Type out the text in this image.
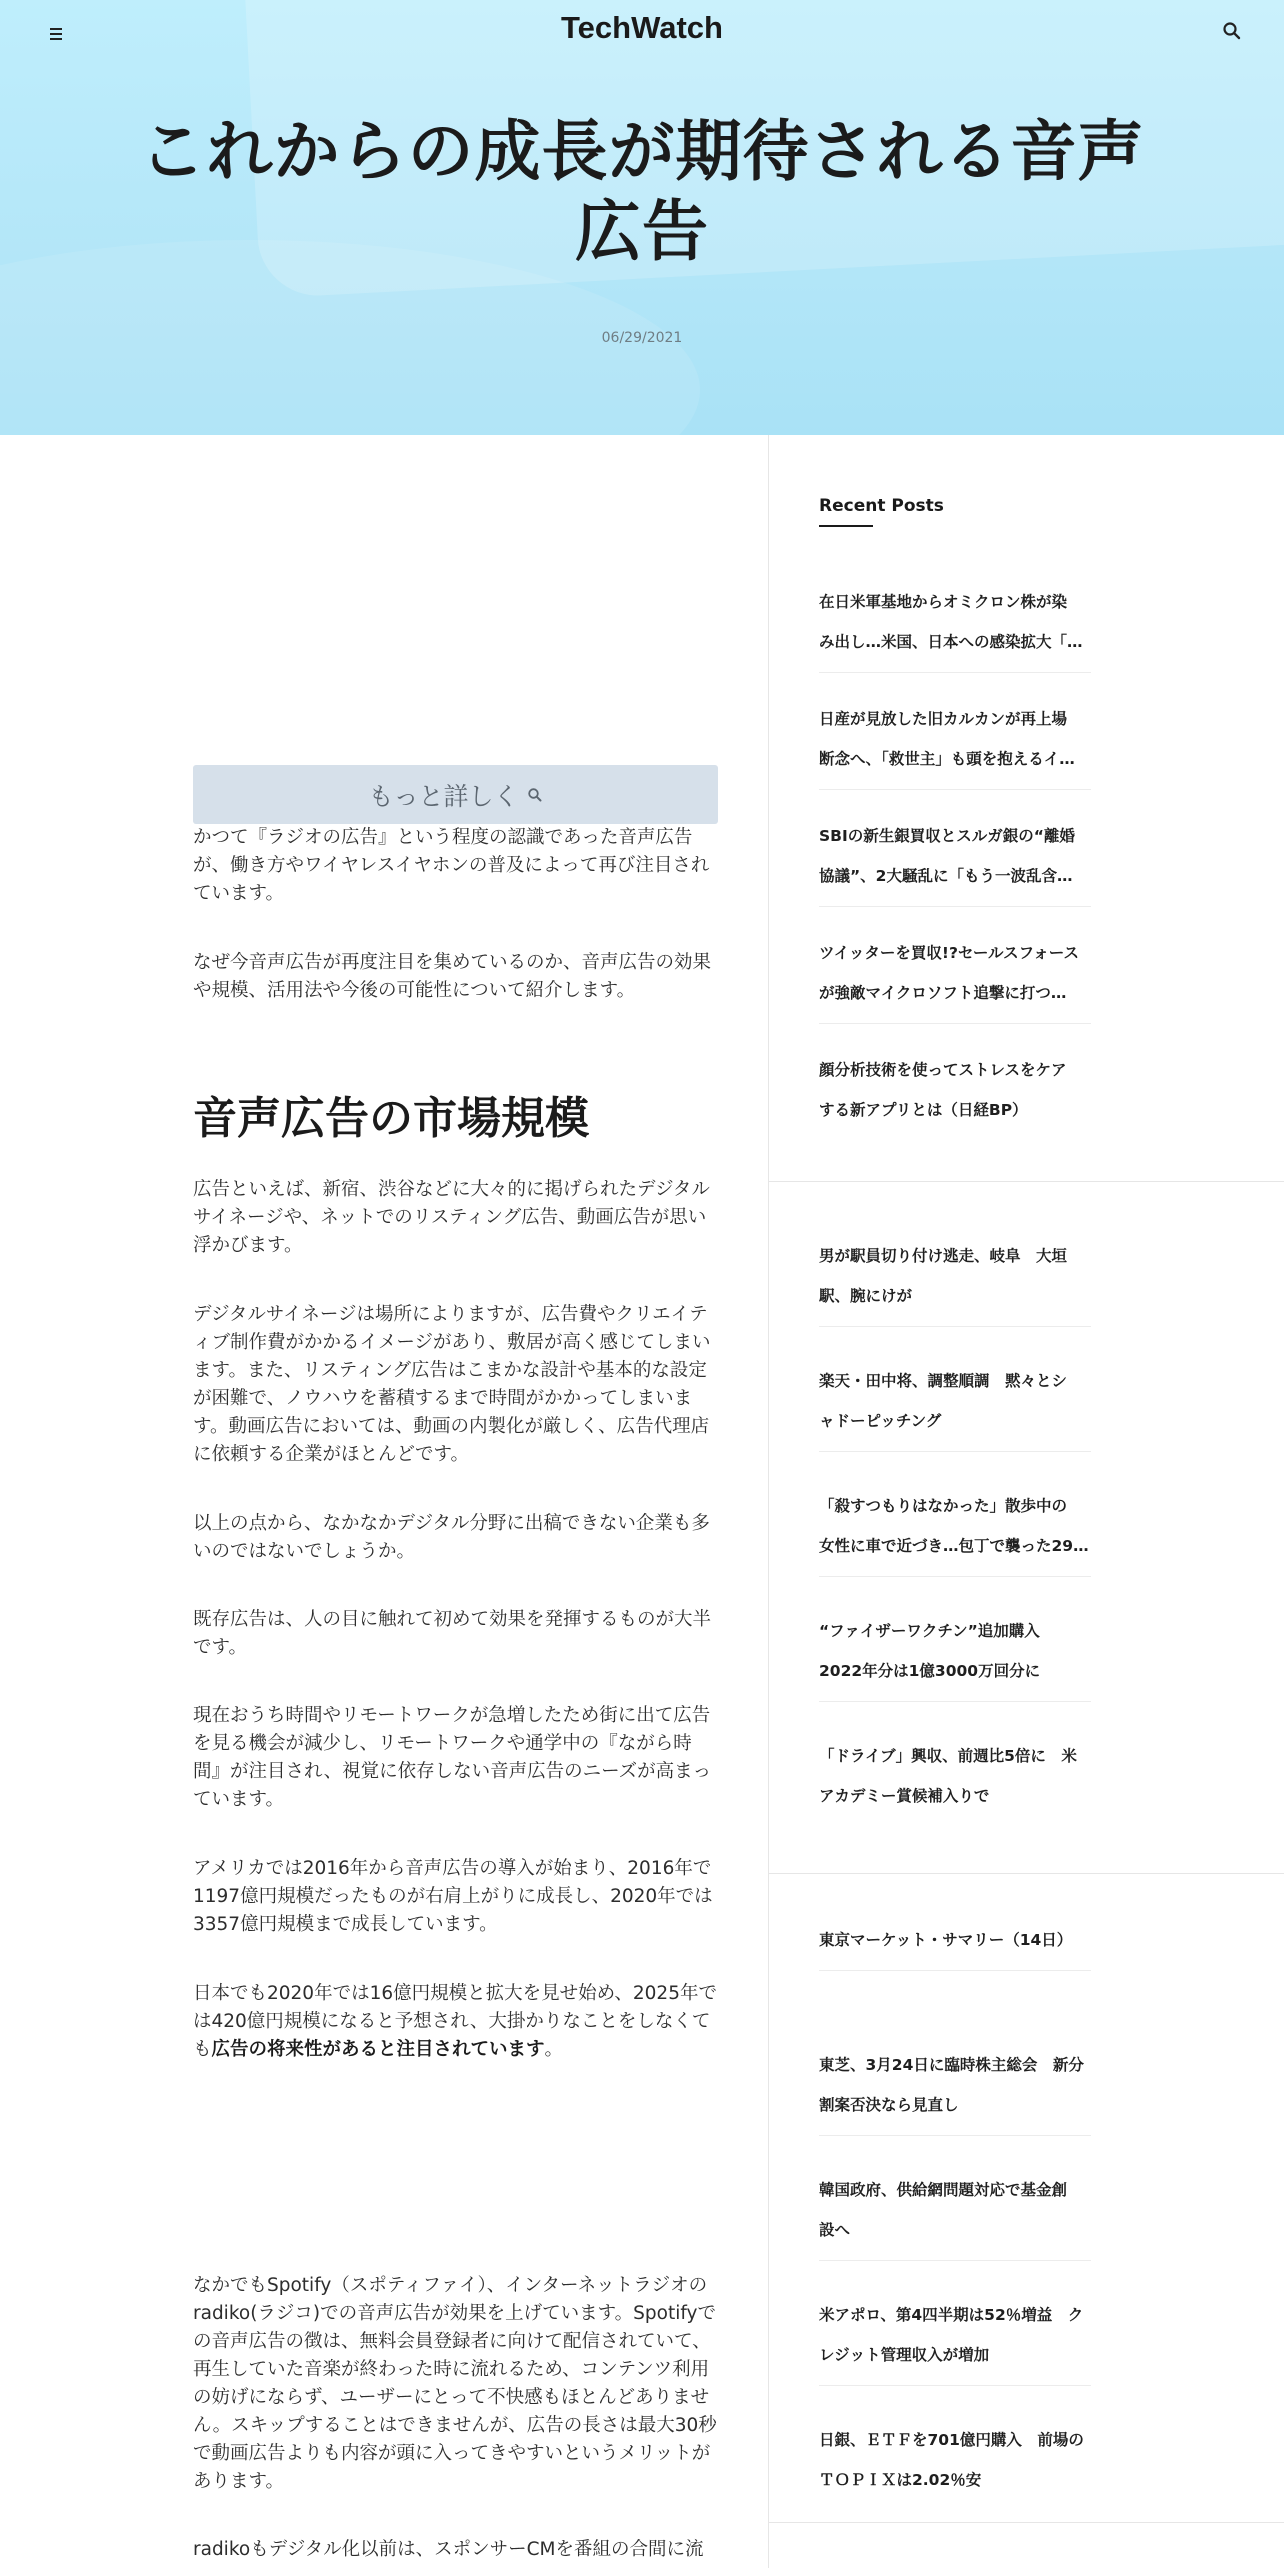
TechWatch
これからの成長が期待される音声広告
06/29/2021
もっと詳しく
かつて『ラジオの広告』という程度の認識であった音声広告が、働き方やワイヤレスイヤホンの普及によって再び注目されています。
なぜ今音声広告が再度注目を集めているのか、音声広告の効果や規模、活用法や今後の可能性について紹介します。
音声広告の市場規模
広告といえば、新宿、渋谷などに大々的に掲げられたデジタルサイネージや、ネットでのリスティング広告、動画広告が思い浮かびます。
デジタルサイネージは場所によりますが、広告費やクリエイティブ制作費がかかるイメージがあり、敷居が高く感じてしまいます。また、リスティング広告はこまかな設計や基本的な設定が困難で、ノウハウを蓄積するまで時間がかかってしまいます。動画広告においては、動画の内製化が厳しく、広告代理店に依頼する企業がほとんどです。
以上の点から、なかなかデジタル分野に出稿できない企業も多いのではないでしょうか。
既存広告は、人の目に触れて初めて効果を発揮するものが大半です。
現在おうち時間やリモートワークが急増したため街に出て広告を見る機会が減少し、リモートワークや通学中の『ながら時間』が注目され、視覚に依存しない音声広告のニーズが高まっています。
アメリカでは2016年から音声広告の導入が始まり、2016年で1197億円規模だったものが右肩上がりに成長し、2020年では3357億円規模まで成長しています。
日本でも2020年では16億円規模と拡大を見せ始め、2025年では420億円規模になると予想され、大掛かりなことをしなくても広告の将来性があると注目されています。
なかでもSpotify（スポティファイ）、インターネットラジオのradiko(ラジコ)での音声広告が効果を上げています。Spotifyでの音声広告の徴は、無料会員登録者に向けて配信されていて、再生していた音楽が終わった時に流れるため、コンテンツ利用の妨げにならず、ユーザーにとって不快感もほとんどありません。スキップすることはできませんが、広告の長さは最大30秒で動画広告よりも内容が頭に入ってきやすいというメリットがあります。
radikoもデジタル化以前は、スポンサーCMを番組の合間に流
Recent Posts
在日米軍基地からオミクロン株が染
み出し…米国、日本への感染拡大「…
日産が見放した旧カルカンが再上場
断念へ、「救世主」も頭を抱えるイ…
SBIの新生銀買収とスルガ銀の“離婚
協議”、2大騒乱に「もう一波乱含…
ツイッターを買収!?セールスフォース
が強敵マイクロソフト追撃に打つ…
顔分析技術を使ってストレスをケア
する新アプリとは（日経BP）
男が駅員切り付け逃走、岐阜　大垣
駅、腕にけが
楽天・田中将、調整順調　黙々とシ
ャドーピッチング
「殺すつもりはなかった」散歩中の
女性に車で近づき…包丁で襲った29…
“ファイザーワクチン”追加購入
2022年分は1億3000万回分に
「ドライブ」興収、前週比5倍に　米
アカデミー賞候補入りで
東京マーケット・サマリー（14日）
東芝、3月24日に臨時株主総会　新分
割案否決なら見直し
韓国政府、供給網問題対応で基金創
設へ
米アポロ、第4四半期は52％増益　ク
レジット管理収入が増加
日銀、ＥＴＦを701億円購入　前場の
ＴＯＰＩＸは2.02％安
